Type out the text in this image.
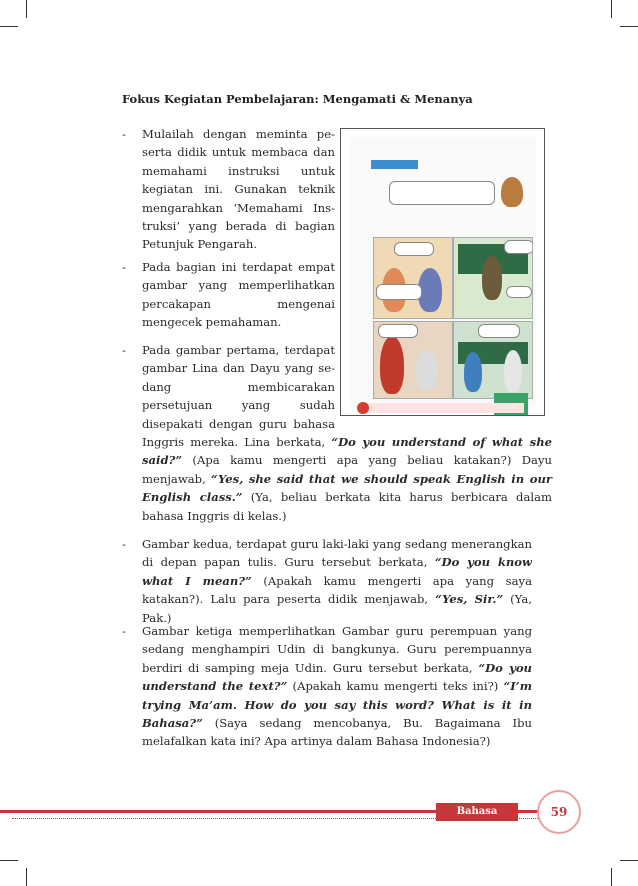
Fokus Kegiatan Pembelajaran: Mengamati & Menanya
- Mulailah dengan meminta pe-serta didik untuk membaca dan memahami instruksi untuk kegiatan ini. Gunakan teknik mengarahkan ‘Memahami Ins-truksi’ yang berada di bagian Petunjuk Pengarah.
- Pada bagian ini terdapat empat gambar yang memperlihatkan percakapan mengenai mengecek pemahaman.
- Pada gambar pertama, terdapat gambar Lina dan Dayu yang se-dang membicarakan persetujuan yang sudah disepakati dengan guru bahasa Inggris mereka. Lina berkata, “Do you understand of what she said?” (Apa kamu mengerti apa yang beliau katakan?) Dayu menjawab, “Yes, she said that we should speak English in our English class.” (Ya, beliau berkata kita harus berbicara dalam bahasa Inggris di kelas.)
- Gambar kedua, terdapat guru laki-laki yang sedang menerangkan di depan papan tulis. Guru tersebut berkata, “Do you know what I mean?” (Apakah kamu mengerti apa yang saya katakan?). Lalu para peserta didik menjawab, “Yes, Sir.” (Ya, Pak.)
- Gambar ketiga memperlihatkan Gambar guru perempuan yang sedang menghampiri Udin di bangkunya. Guru perempuannya berdiri di samping meja Udin. Guru tersebut berkata, “Do you understand the text?” (Apakah kamu mengerti teks ini?) “I’m trying Ma’am. How do you say this word? What is it in Bahasa?” (Saya sedang mencobanya, Bu. Bagaimana Ibu melafalkan kata ini? Apa artinya dalam Bahasa Indonesia?)
Bahasa Inggris
59
